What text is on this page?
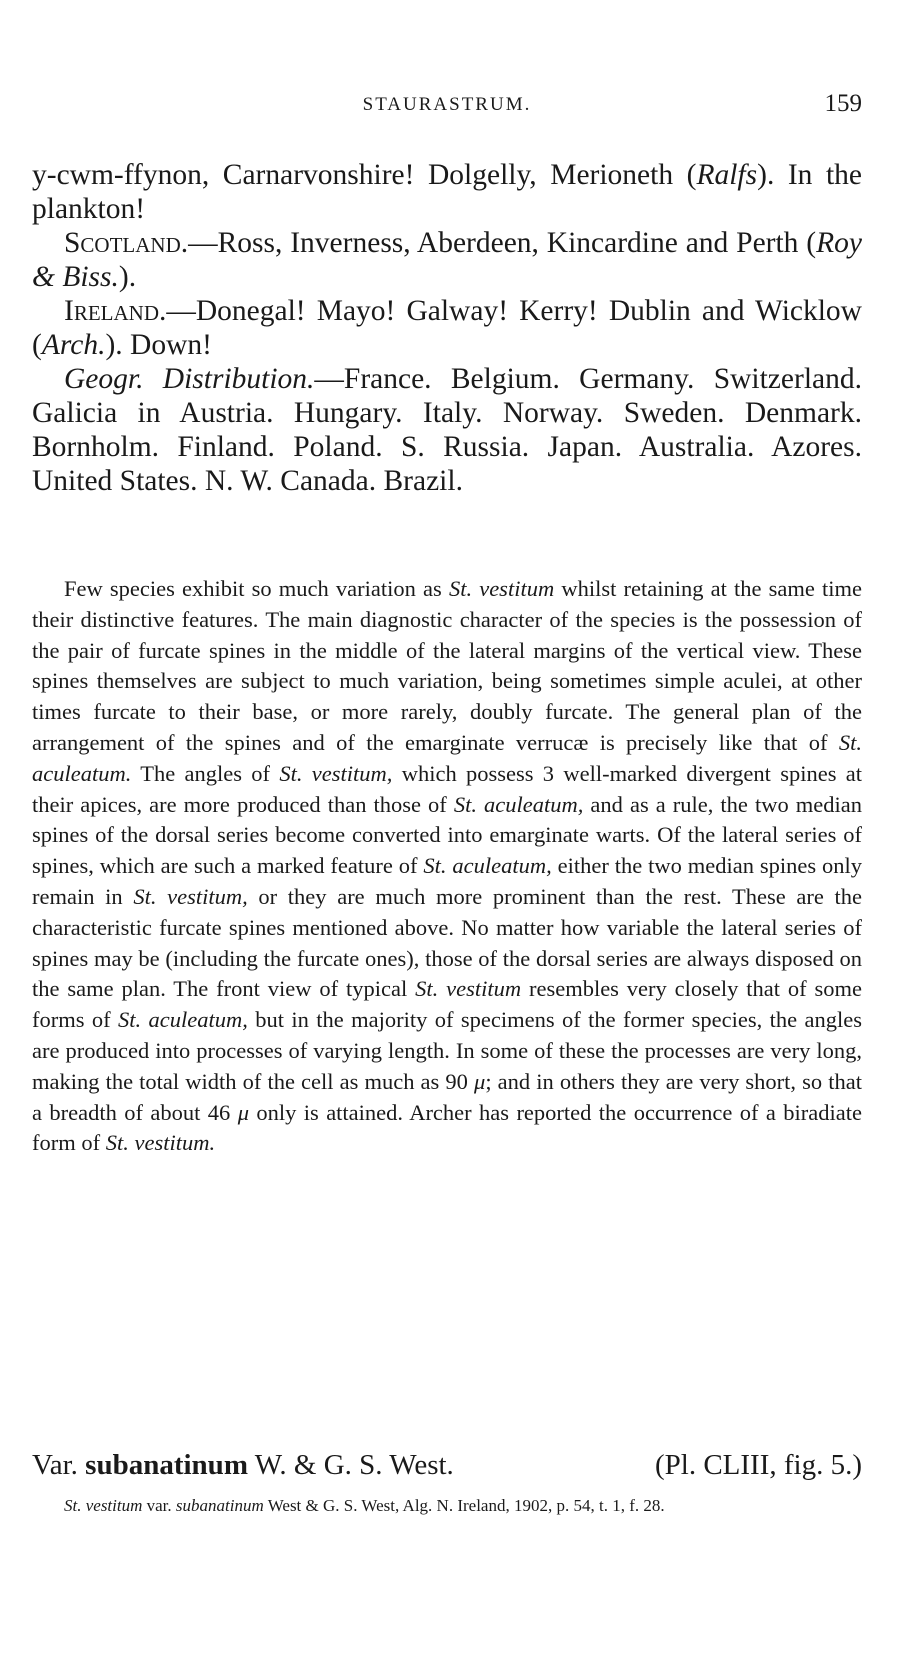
STAURASTRUM.	159

y-cwm-ffynon, Carnarvonshire! Dolgelly, Merioneth (Ralfs). In the plankton!

Scotland.—Ross, Inverness, Aberdeen, Kincardine and Perth (Roy & Biss.).

Ireland.—Donegal! Mayo! Galway! Kerry! Dublin and Wicklow (Arch.). Down!

Geogr. Distribution.—France. Belgium. Germany. Switzerland. Galicia in Austria. Hungary. Italy. Norway. Sweden. Denmark. Bornholm. Finland. Poland. S. Russia. Japan. Australia. Azores. United States. N. W. Canada. Brazil.

Few species exhibit so much variation as St. vestitum whilst retaining at the same time their distinctive features. The main diagnostic character of the species is the possession of the pair of furcate spines in the middle of the lateral margins of the vertical view. These spines themselves are subject to much variation, being sometimes simple aculei, at other times furcate to their base, or more rarely, doubly furcate. The general plan of the arrangement of the spines and of the emarginate verrucæ is precisely like that of St. aculeatum. The angles of St. vestitum, which possess 3 well-marked divergent spines at their apices, are more produced than those of St. aculeatum, and as a rule, the two median spines of the dorsal series become converted into emarginate warts. Of the lateral series of spines, which are such a marked feature of St. aculeatum, either the two median spines only remain in St. vestitum, or they are much more prominent than the rest. These are the characteristic furcate spines mentioned above. No matter how variable the lateral series of spines may be (including the furcate ones), those of the dorsal series are always disposed on the same plan. The front view of typical St. vestitum resembles very closely that of some forms of St. aculeatum, but in the majority of specimens of the former species, the angles are produced into processes of varying length. In some of these the processes are very long, making the total width of the cell as much as 90 μ; and in others they are very short, so that a breadth of about 46 μ only is attained. Archer has reported the occurrence of a biradiate form of St. vestitum.

Var. subanatinum W. & G. S. West.	(Pl. CLIII, fig. 5.)

St. vestitum var. subanatinum West & G. S. West, Alg. N. Ireland, 1902, p. 54, t. 1, f. 28.
